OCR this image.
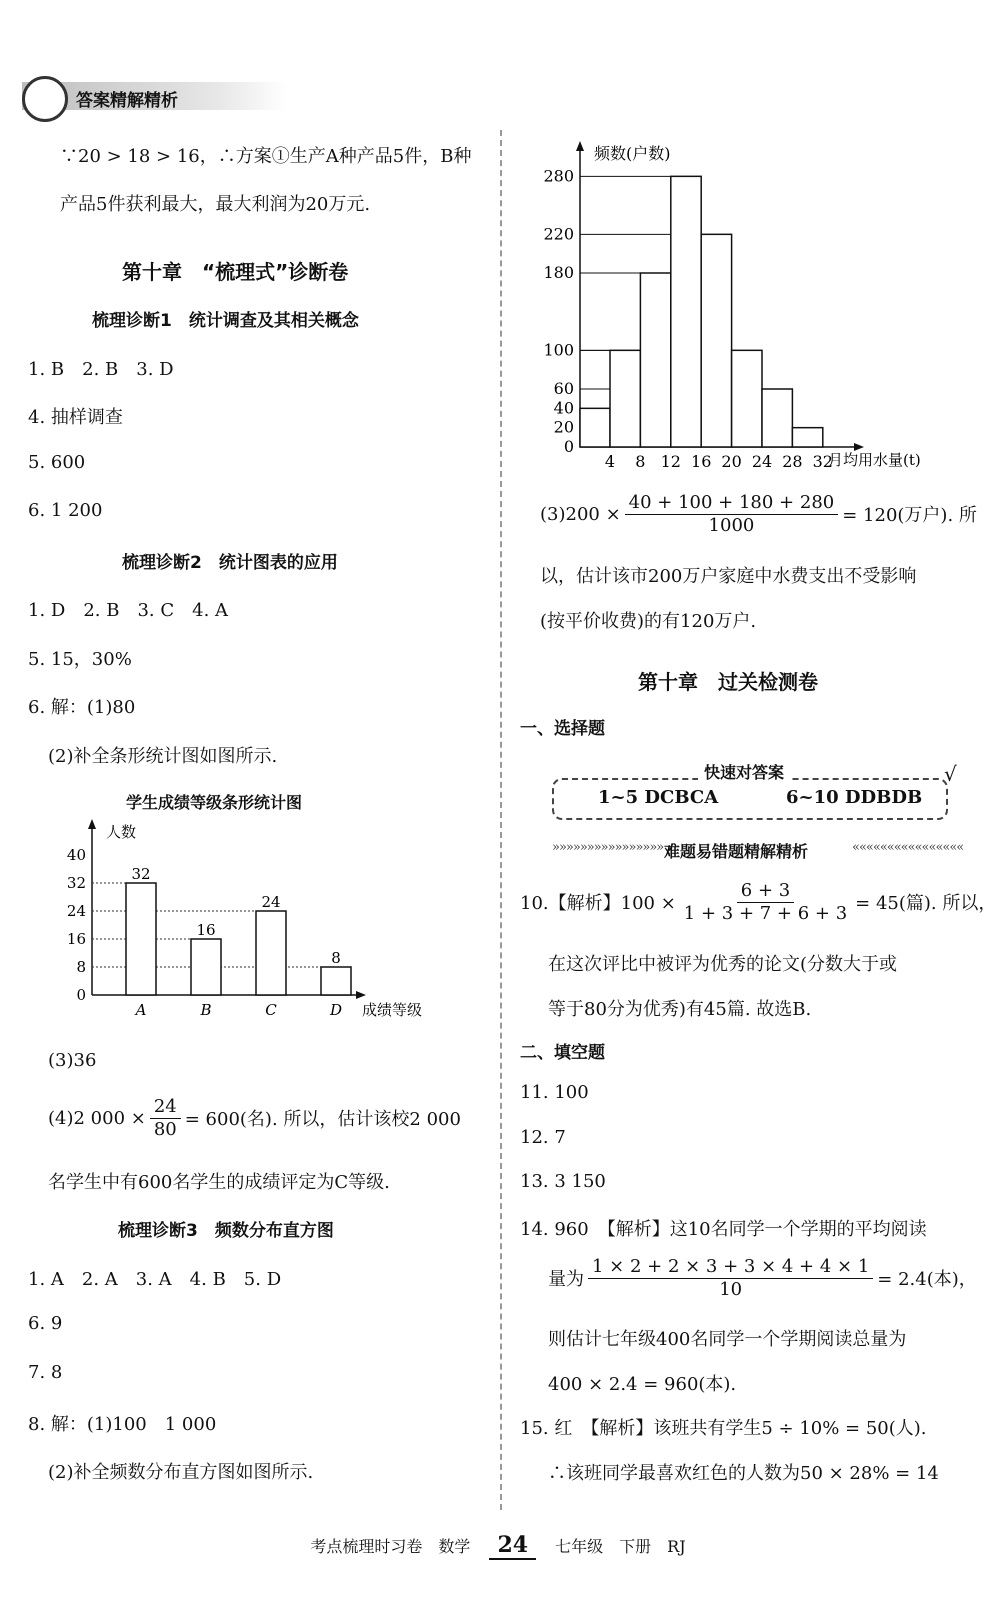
答案精解精析
∵20 > 18 > 16，∴方案①生产A种产品5件，B种
产品5件获利最大，最大利润为20万元.
第十章　“梳理式”诊断卷
梳理诊断1　统计调查及其相关概念
1. B　2. B　3. D
4. 抽样调查
5. 600
6. 1 200
梳理诊断2　统计图表的应用
1. D　2. B　3. C　4. A
5. 15，30%
6. 解：(1)80
(2)补全条形统计图如图所示.
学生成绩等级条形统计图
人数
成绩等级
0
8
16
24
32
40
32
A
16
B
24
C
8
D
(3)36
(4)2 $000 \times \frac{24}{80} = 600$(名). 所以，估计该校2 000
名学生中有600名学生的成绩评定为C等级.
梳理诊断3　频数分布直方图
1. A　2. A　3. A　4. B　5. D
6. 9
7. 8
8. 解：(1)100　1 000
(2)补全频数分布直方图如图所示.
频数(户数)
月均用水量(t)
0
20
40
60
100
180
220
280
4 8 12 16 20 24 28 32
$(3)200 \times \frac{40 + 100 + 180 + 280}{1000} = 120$(万户). 所
以，估计该市200万户家庭中水费支出不受影响
(按平价收费)的有120万户.
第十章　过关检测卷
一、选择题
快速对答案
1~5 DCBCA	6~10 DDBDB
√
»»»»»»»»»»»»»»»» 难题易错题精解精析	««««««««««««««««
10.【解析】$100 \times \frac{6 + 3}{1 + 3 + 7 + 6 + 3} = 45$(篇). 所以，
在这次评比中被评为优秀的论文(分数大于或
等于80分为优秀)有45篇. 故选B.
二、填空题
11. 100
12. 7
13. 3 150
14. 960　【解析】这10名同学一个学期的平均阅读
量为 $\frac{1 \times 2 + 2 \times 3 + 3 \times 4 + 4 \times 1}{10} = 2.4$(本)，
则估计七年级400名同学一个学期阅读总量为
400 × 2.4 = 960(本).
15. 红　【解析】该班共有学生5 ÷ 10% = 50(人).
∴该班同学最喜欢红色的人数为50 × 28% = 14
考点梳理时习卷　数学 24 七年级　下册　RJ
